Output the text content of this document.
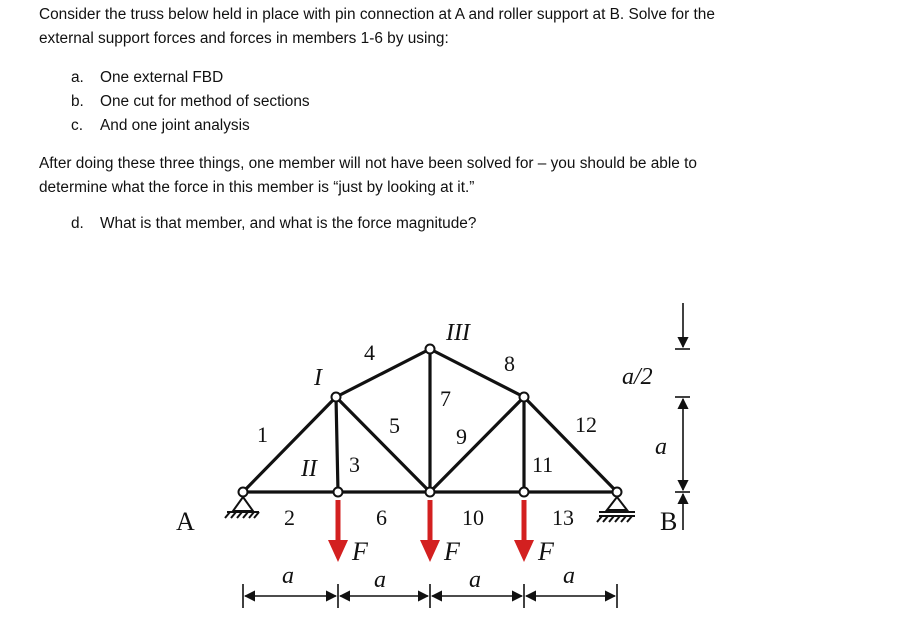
Consider the truss below held in place with pin connection at A and roller support at B. Solve for the
external support forces and forces in members 1-6 by using:
a. One external FBD
b. One cut for method of sections
c. And one joint analysis
After doing these three things, one member will not have been solved for – you should be able to
determine what the force in this member is “just by looking at it.”
d. What is that member, and what is the force magnitude?
A	B
I
II
III
1
2
3
4
5
6
7
8
9
10
11
12
13
F	F	F
a	a	a	a
a/2
a
